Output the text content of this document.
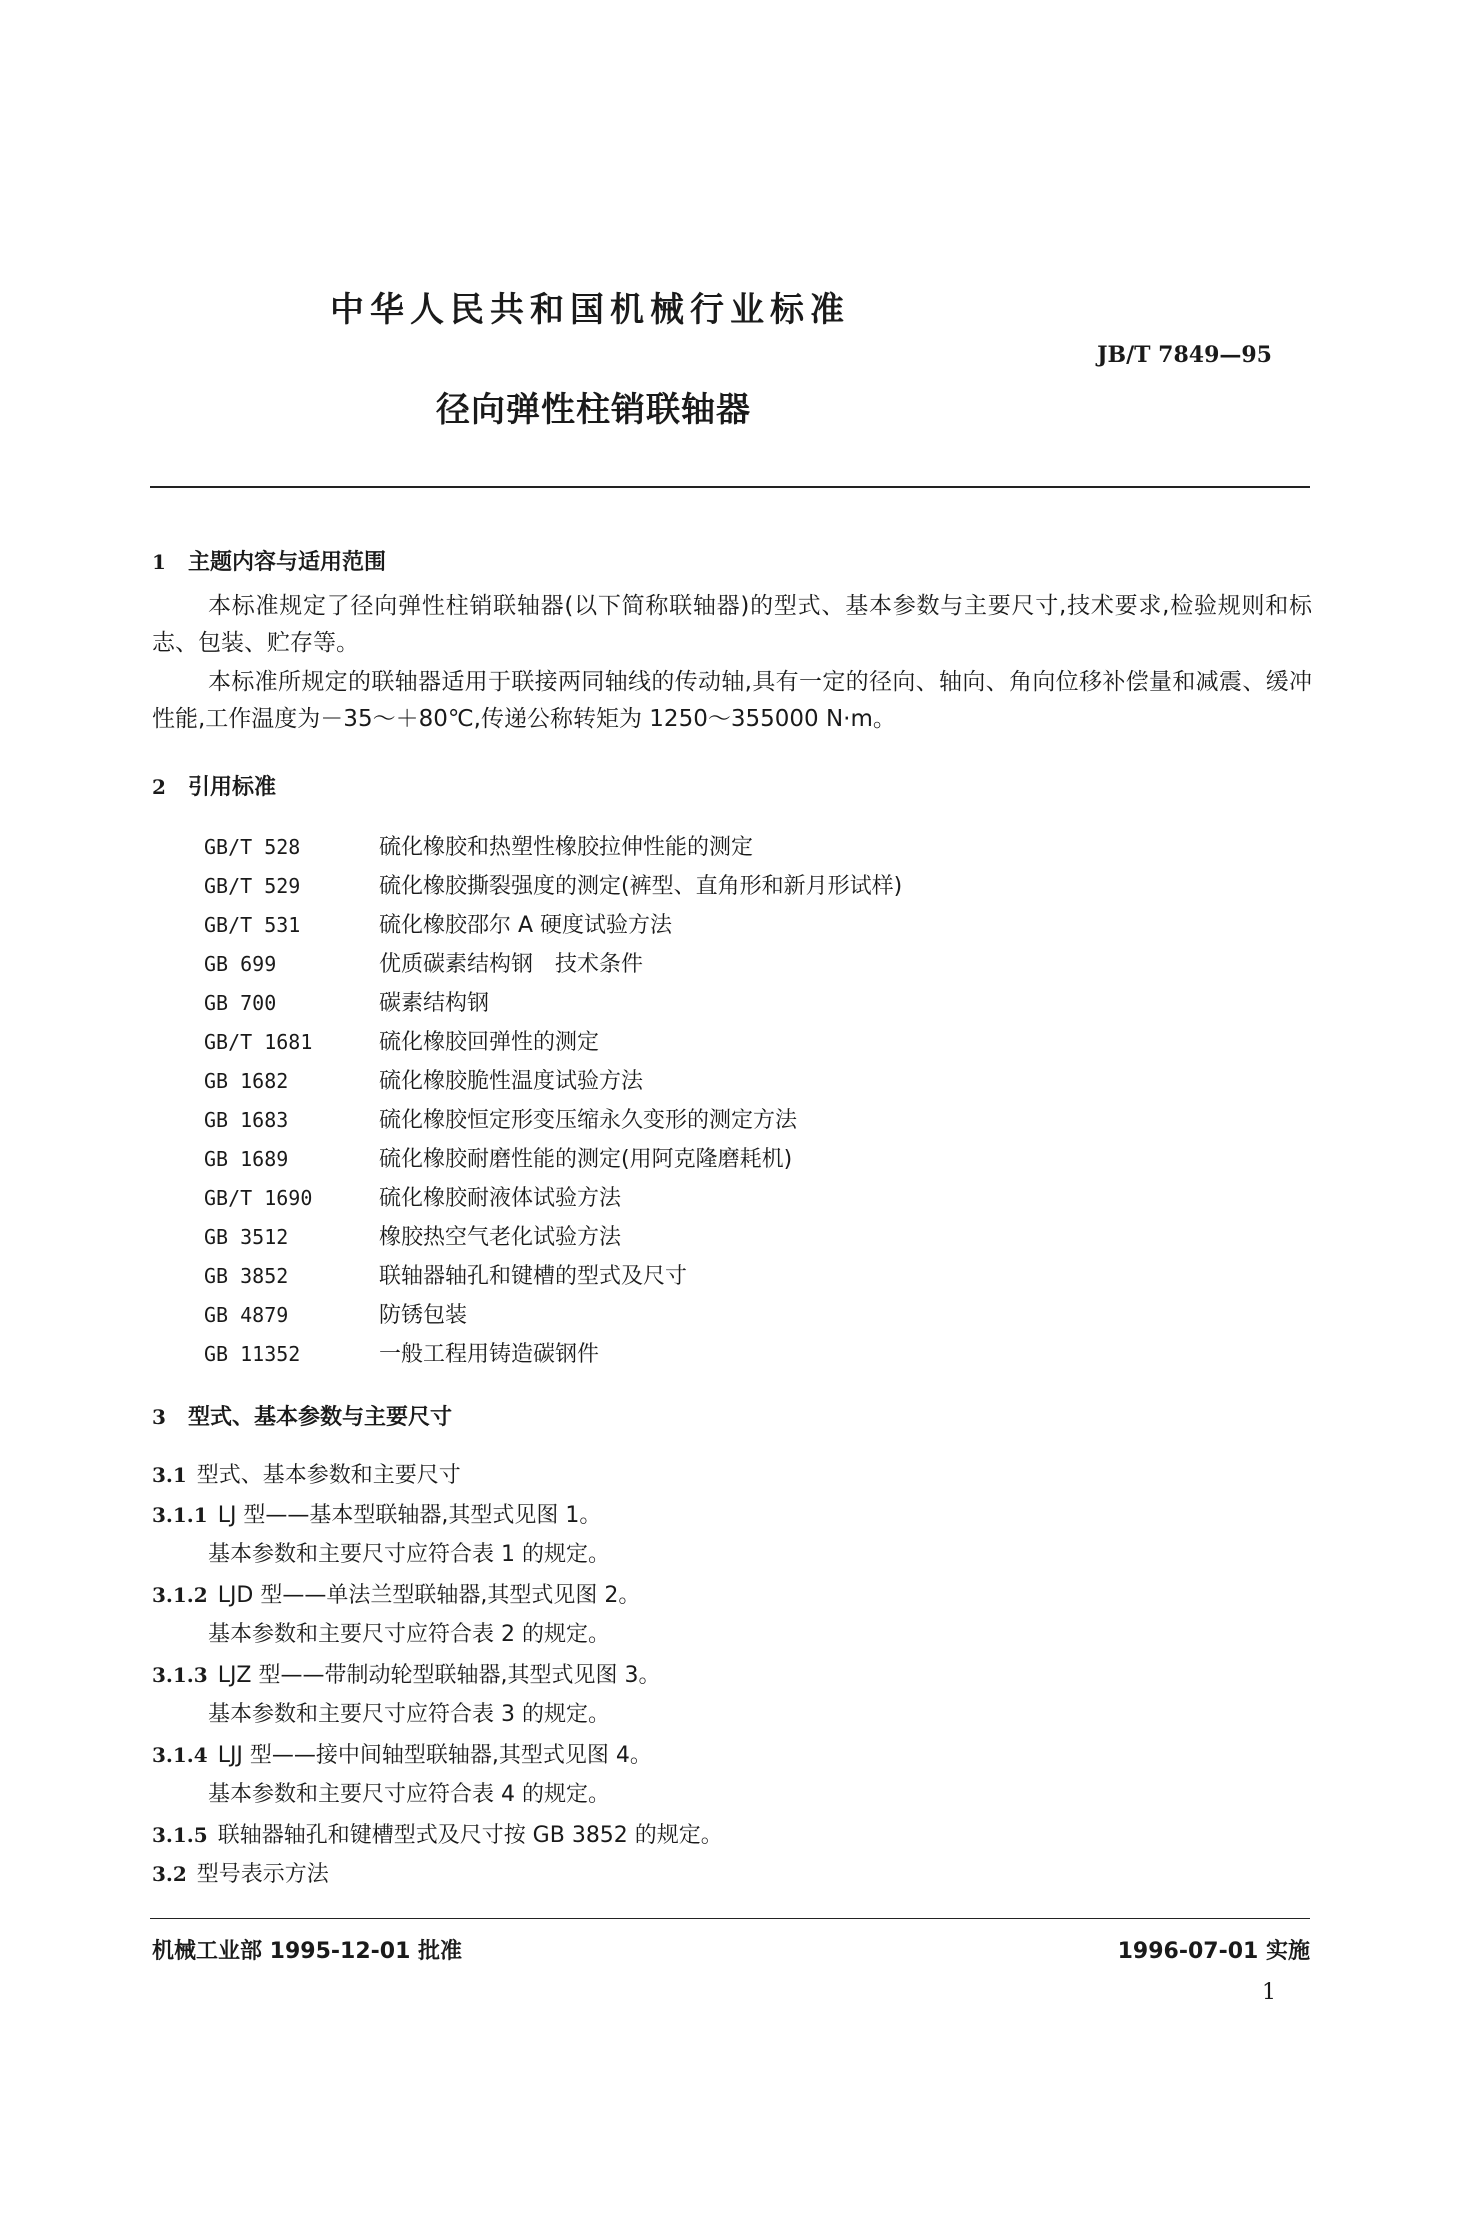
中华人民共和国机械行业标准
JB/T 7849—95
径向弹性柱销联轴器
1 主题内容与适用范围
本标准规定了径向弹性柱销联轴器(以下简称联轴器)的型式、基本参数与主要尺寸,技术要求,检验规则和标志、包装、贮存等。
本标准所规定的联轴器适用于联接两同轴线的传动轴,具有一定的径向、轴向、角向位移补偿量和减震、缓冲性能,工作温度为－35～＋80℃,传递公称转矩为 1250～355000 N·m。
2 引用标准
GB/T 528	硫化橡胶和热塑性橡胶拉伸性能的测定
GB/T 529	硫化橡胶撕裂强度的测定(裤型、直角形和新月形试样)
GB/T 531	硫化橡胶邵尔 A 硬度试验方法
GB 699	优质碳素结构钢　技术条件
GB 700	碳素结构钢
GB/T 1681	硫化橡胶回弹性的测定
GB 1682	硫化橡胶脆性温度试验方法
GB 1683	硫化橡胶恒定形变压缩永久变形的测定方法
GB 1689	硫化橡胶耐磨性能的测定(用阿克隆磨耗机)
GB/T 1690	硫化橡胶耐液体试验方法
GB 3512	橡胶热空气老化试验方法
GB 3852	联轴器轴孔和键槽的型式及尺寸
GB 4879	防锈包装
GB 11352	一般工程用铸造碳钢件
3 型式、基本参数与主要尺寸
3.1 型式、基本参数和主要尺寸
3.1.1 LJ 型——基本型联轴器,其型式见图 1。
基本参数和主要尺寸应符合表 1 的规定。
3.1.2 LJD 型——单法兰型联轴器,其型式见图 2。
基本参数和主要尺寸应符合表 2 的规定。
3.1.3 LJZ 型——带制动轮型联轴器,其型式见图 3。
基本参数和主要尺寸应符合表 3 的规定。
3.1.4 LJJ 型——接中间轴型联轴器,其型式见图 4。
基本参数和主要尺寸应符合表 4 的规定。
3.1.5 联轴器轴孔和键槽型式及尺寸按 GB 3852 的规定。
3.2 型号表示方法
机械工业部 1995-12-01 批准	1996-07-01 实施
1
